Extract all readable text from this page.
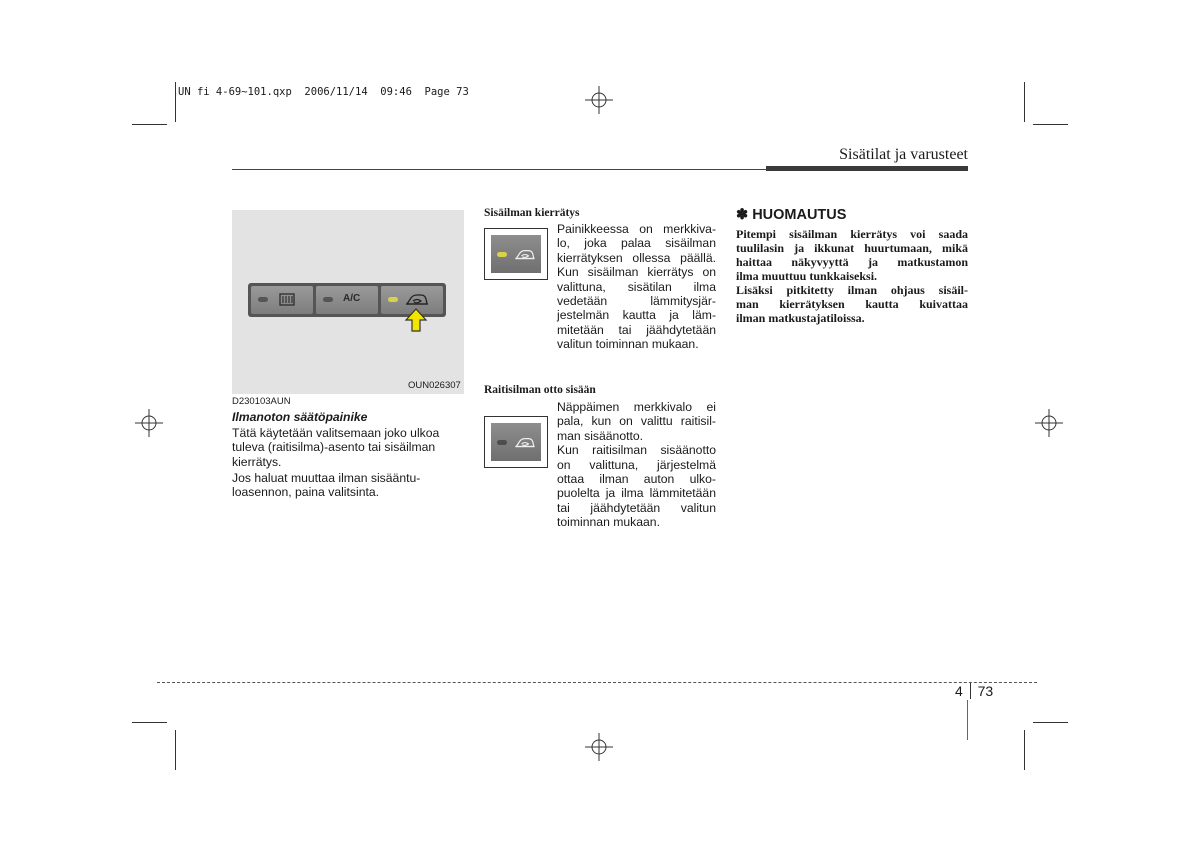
UN fi 4-69~101.qxp  2006/11/14  09:46  Page 73
Sisätilat ja varusteet
A/C
OUN026307
D230103AUN
Ilmanoton säätöpainike
Tätä käytetään valitsemaan joko ulkoa
tuleva (raitisilma)-asento tai sisäilman
kierrätys.
Jos haluat muuttaa ilman sisääntu-
loasennon, paina valitsinta.
Sisäilman kierrätys
Painikkeessa on merkkiva-
lo, joka palaa sisäilman
kierrätyksen ollessa päällä.
Kun sisäilman kierrätys on
valittuna, sisätilan ilma
vedetään lämmitysjär-
jestelmän kautta ja läm-
mitetään tai jäähdytetään
valitun toiminnan mukaan.
Raitisilman otto sisään
Näppäimen merkkivalo ei
pala, kun on valittu raitisil-
man sisäänotto.
Kun raitisilman sisäänotto
on valittuna, järjestelmä
ottaa ilman auton ulko-
puolelta ja ilma lämmitetään
tai jäähdytetään valitun
toiminnan mukaan.
✽ HUOMAUTUS
Pitempi sisäilman kierrätys voi saada
tuulilasin ja ikkunat huurtumaan, mikä
haittaa näkyvyyttä ja matkustamon
ilma muuttuu tunkkaiseksi.
Lisäksi pitkitetty ilman ohjaus sisäil-
man kierrätyksen kautta kuivattaa
ilman matkustajatiloissa.
4 73
